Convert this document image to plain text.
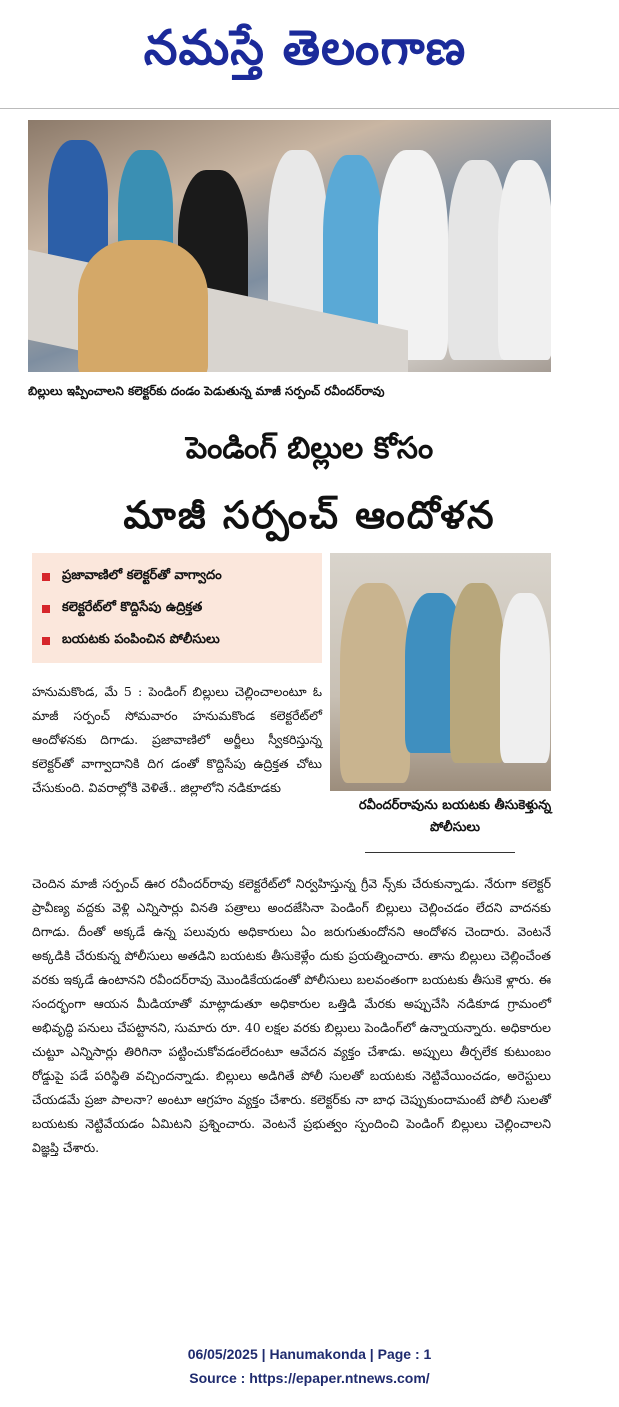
నమస్తే తెలంగాణ
బిల్లులు ఇప్పించాలని కలెక్టర్‌కు దండం పెడుతున్న మాజీ సర్పంచ్‌ రవీందర్‌రావు
పెండింగ్‌ బిల్లుల కోసం
మాజీ సర్పంచ్‌ ఆందోళన
ప్రజావాణిలో కలెక్టర్‌తో వాగ్వాదం
కలెక్టరేట్‌లో కొద్దిసేపు ఉద్రిక్తత
బయటకు పంపించిన పోలీసులు
రవీందర్‌రావును బయటకు తీసుకెళ్తున్న పోలీసులు

హనుమకొండ, మే 5 : పెండింగ్‌ బిల్లులు చెల్లించాలంటూ ఓ మాజీ సర్పంచ్‌ సోమవారం హనుమకొండ కలెక్టరేట్‌లో ఆందోళనకు దిగాడు. ప్రజావాణిలో అర్జీలు స్వీకరిస్తున్న కలెక్టర్‌తో వాగ్వాదానికి దిగ డంతో కొద్దిసేపు ఉద్రిక్తత చోటు చేసుకుంది. వివరాల్లోకి వెళితే.. జిల్లాలోని నడికూడకు

చెందిన మాజీ సర్పంచ్‌ ఊర రవీందర్‌రావు కలెక్టరేట్‌లో నిర్వహిస్తున్న గ్రీవె న్స్‌కు చేరుకున్నాడు. నేరుగా కలెక్టర్‌ ప్రావీణ్య వద్దకు వెళ్లి ఎన్నిసార్లు వినతి పత్రాలు అందజేసినా పెండింగ్‌ బిల్లులు చెల్లించడం లేదని వాదనకు దిగాడు. దీంతో అక్కడే ఉన్న పలువురు అధికారులు ఏం జరుగుతుందోనని ఆందోళన చెందారు. వెంటనే అక్కడికి చేరుకున్న పోలీసులు అతడిని బయటకు తీసుకెళ్లేం దుకు ప్రయత్నించారు. తాను బిల్లులు చెల్లించేంత వరకు ఇక్కడే ఉంటానని రవీందర్‌రావు మొండికేయడంతో పోలీసులు బలవంతంగా బయటకు తీసుకె ళ్లారు. ఈ సందర్భంగా ఆయన మీడియాతో మాట్లాడుతూ అధికారుల ఒత్తిడి మేరకు అప్పుచేసి నడికూడ గ్రామంలో అభివృద్ధి పనులు చేపట్టానని, సుమారు రూ. 40 లక్షల వరకు బిల్లులు పెండింగ్‌లో ఉన్నాయన్నారు. అధికారుల చుట్టూ ఎన్నిసార్లు తిరిగినా పట్టించుకోవడంలేదంటూ ఆవేదన వ్యక్తం చేశాడు. అప్పులు తీర్చలేక కుటుంబం రోడ్డుపై పడే పరిస్థితి వచ్చిందన్నాడు. బిల్లులు అడిగితే పోలీ సులతో బయటకు నెట్టివేయించడం, అరెస్టులు చేయడమే ప్రజా పాలనా? అంటూ ఆగ్రహం వ్యక్తం చేశారు. కలెక్టర్‌కు నా బాధ చెప్పుకుందామంటే పోలీ సులతో బయటకు నెట్టివేయడం ఏమిటని ప్రశ్నించారు. వెంటనే ప్రభుత్వం స్పందించి పెండింగ్‌ బిల్లులు చెల్లించాలని విజ్ఞప్తి చేశారు.

06/05/2025 | Hanumakonda | Page : 1
Source : https://epaper.ntnews.com/
